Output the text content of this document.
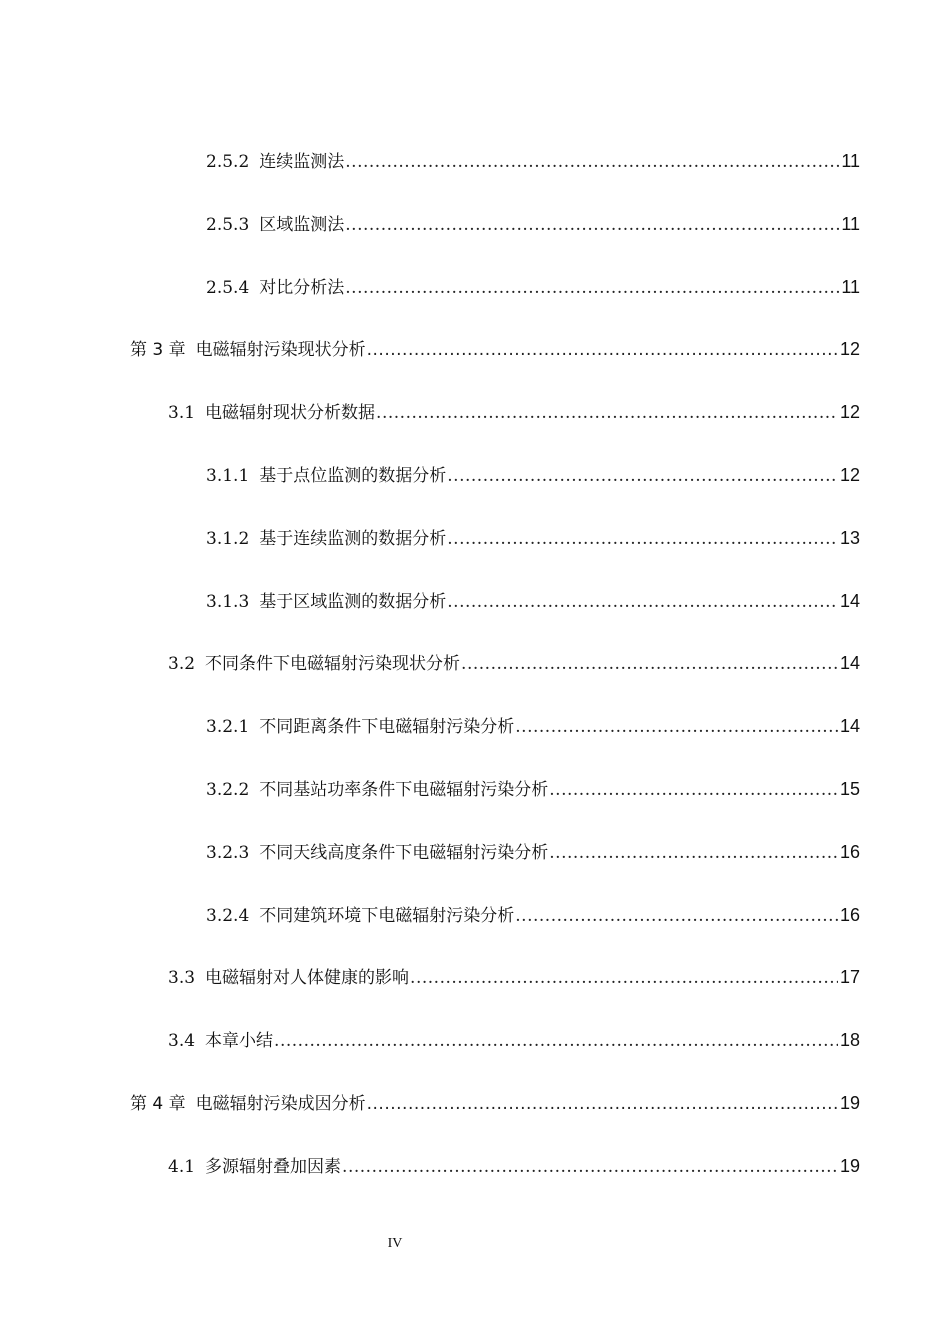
2.5.2 连续监测法 .....	11
2.5.3 区域监测法 .....	11
2.5.4 对比分析法 .....	11
第 3 章 电磁辐射污染现状分析 .....	12
3.1 电磁辐射现状分析数据 .....	12
3.1.1 基于点位监测的数据分析 .....	12
3.1.2 基于连续监测的数据分析 .....	13
3.1.3 基于区域监测的数据分析 .....	14
3.2 不同条件下电磁辐射污染现状分析 .....	14
3.2.1 不同距离条件下电磁辐射污染分析 .....	14
3.2.2 不同基站功率条件下电磁辐射污染分析 .....	15
3.2.3 不同天线高度条件下电磁辐射污染分析 .....	16
3.2.4 不同建筑环境下电磁辐射污染分析 .....	16
3.3 电磁辐射对人体健康的影响 .....	17
3.4 本章小结 .....	18
第 4 章 电磁辐射污染成因分析 .....	19
4.1 多源辐射叠加因素 .....	19
IV
